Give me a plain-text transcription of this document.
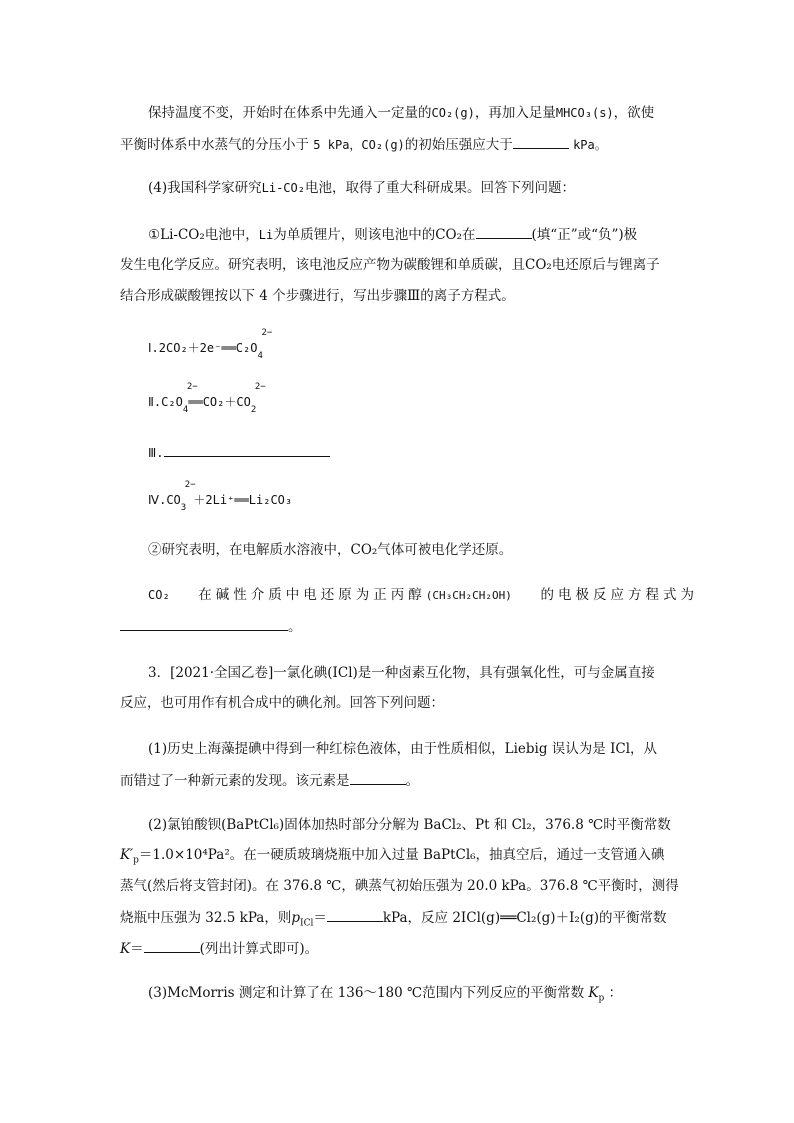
保持温度不变，开始时在体系中先通入一定量的CO₂(g)，再加入足量MHCO₃(s)，欲使
平衡时体系中水蒸气的分压小于 5 kPa，CO₂(g)的初始压强应大于	kPa。
(4)我国科学家研究Li-CO₂电池，取得了重大科研成果。回答下列问题：
①Li-CO₂电池中，Li为单质锂片，则该电池中的CO₂在	(填“正”或“负”)极
发生电化学反应。研究表明，该电池反应产物为碳酸锂和单质碳，且CO₂电还原后与锂离子
结合形成碳酸锂按以下 4 个步骤进行，写出步骤Ⅲ的离子方程式。
Ⅰ.2CO₂＋2e⁻══C₂O
2−
$_4$
Ⅱ.C₂O
2−
$_4$══CO₂＋CO
2−
$_2$
Ⅲ.
Ⅳ.CO
2−
$_3$ ＋2Li⁺══Li₂CO₃
②研究表明，在电解质水溶液中，CO₂气体可被电化学还原。
CO₂ 在碱性介质中电还原为正丙醇(CH₃CH₂CH₂OH) 的电极反应方程式为
。
3．[2021·全国乙卷]一氯化碘(ICl)是一种卤素互化物，具有强氧化性，可与金属直接
反应，也可用作有机合成中的碘化剂。回答下列问题：
(1)历史上海藻提碘中得到一种红棕色液体，由于性质相似，Liebig 误认为是 ICl，从
而错过了一种新元素的发现。该元素是	。
(2)氯铂酸钡(BaPtCl₆)固体加热时部分分解为 BaCl₂、Pt 和 Cl₂，376.8 ℃时平衡常数
$K'_p=1.0\times 10^4Pa^2$。在一硬质玻璃烧瓶中加入过量 BaPtCl₆，抽真空后，通过一支管通入碘
蒸气(然后将支管封闭)。在 376.8 ℃，碘蒸气初始压强为 20.0 kPa。376.8 ℃平衡时，测得
烧瓶中压强为 32.5 kPa，则$p_{ICl}=$	kPa，反应 2ICl(g)══Cl₂(g)＋I₂(g)的平衡常数
K＝	(列出计算式即可)。
(3)McMorris 测定和计算了在 136～180 ℃范围内下列反应的平衡常数 $K_p$ ：
